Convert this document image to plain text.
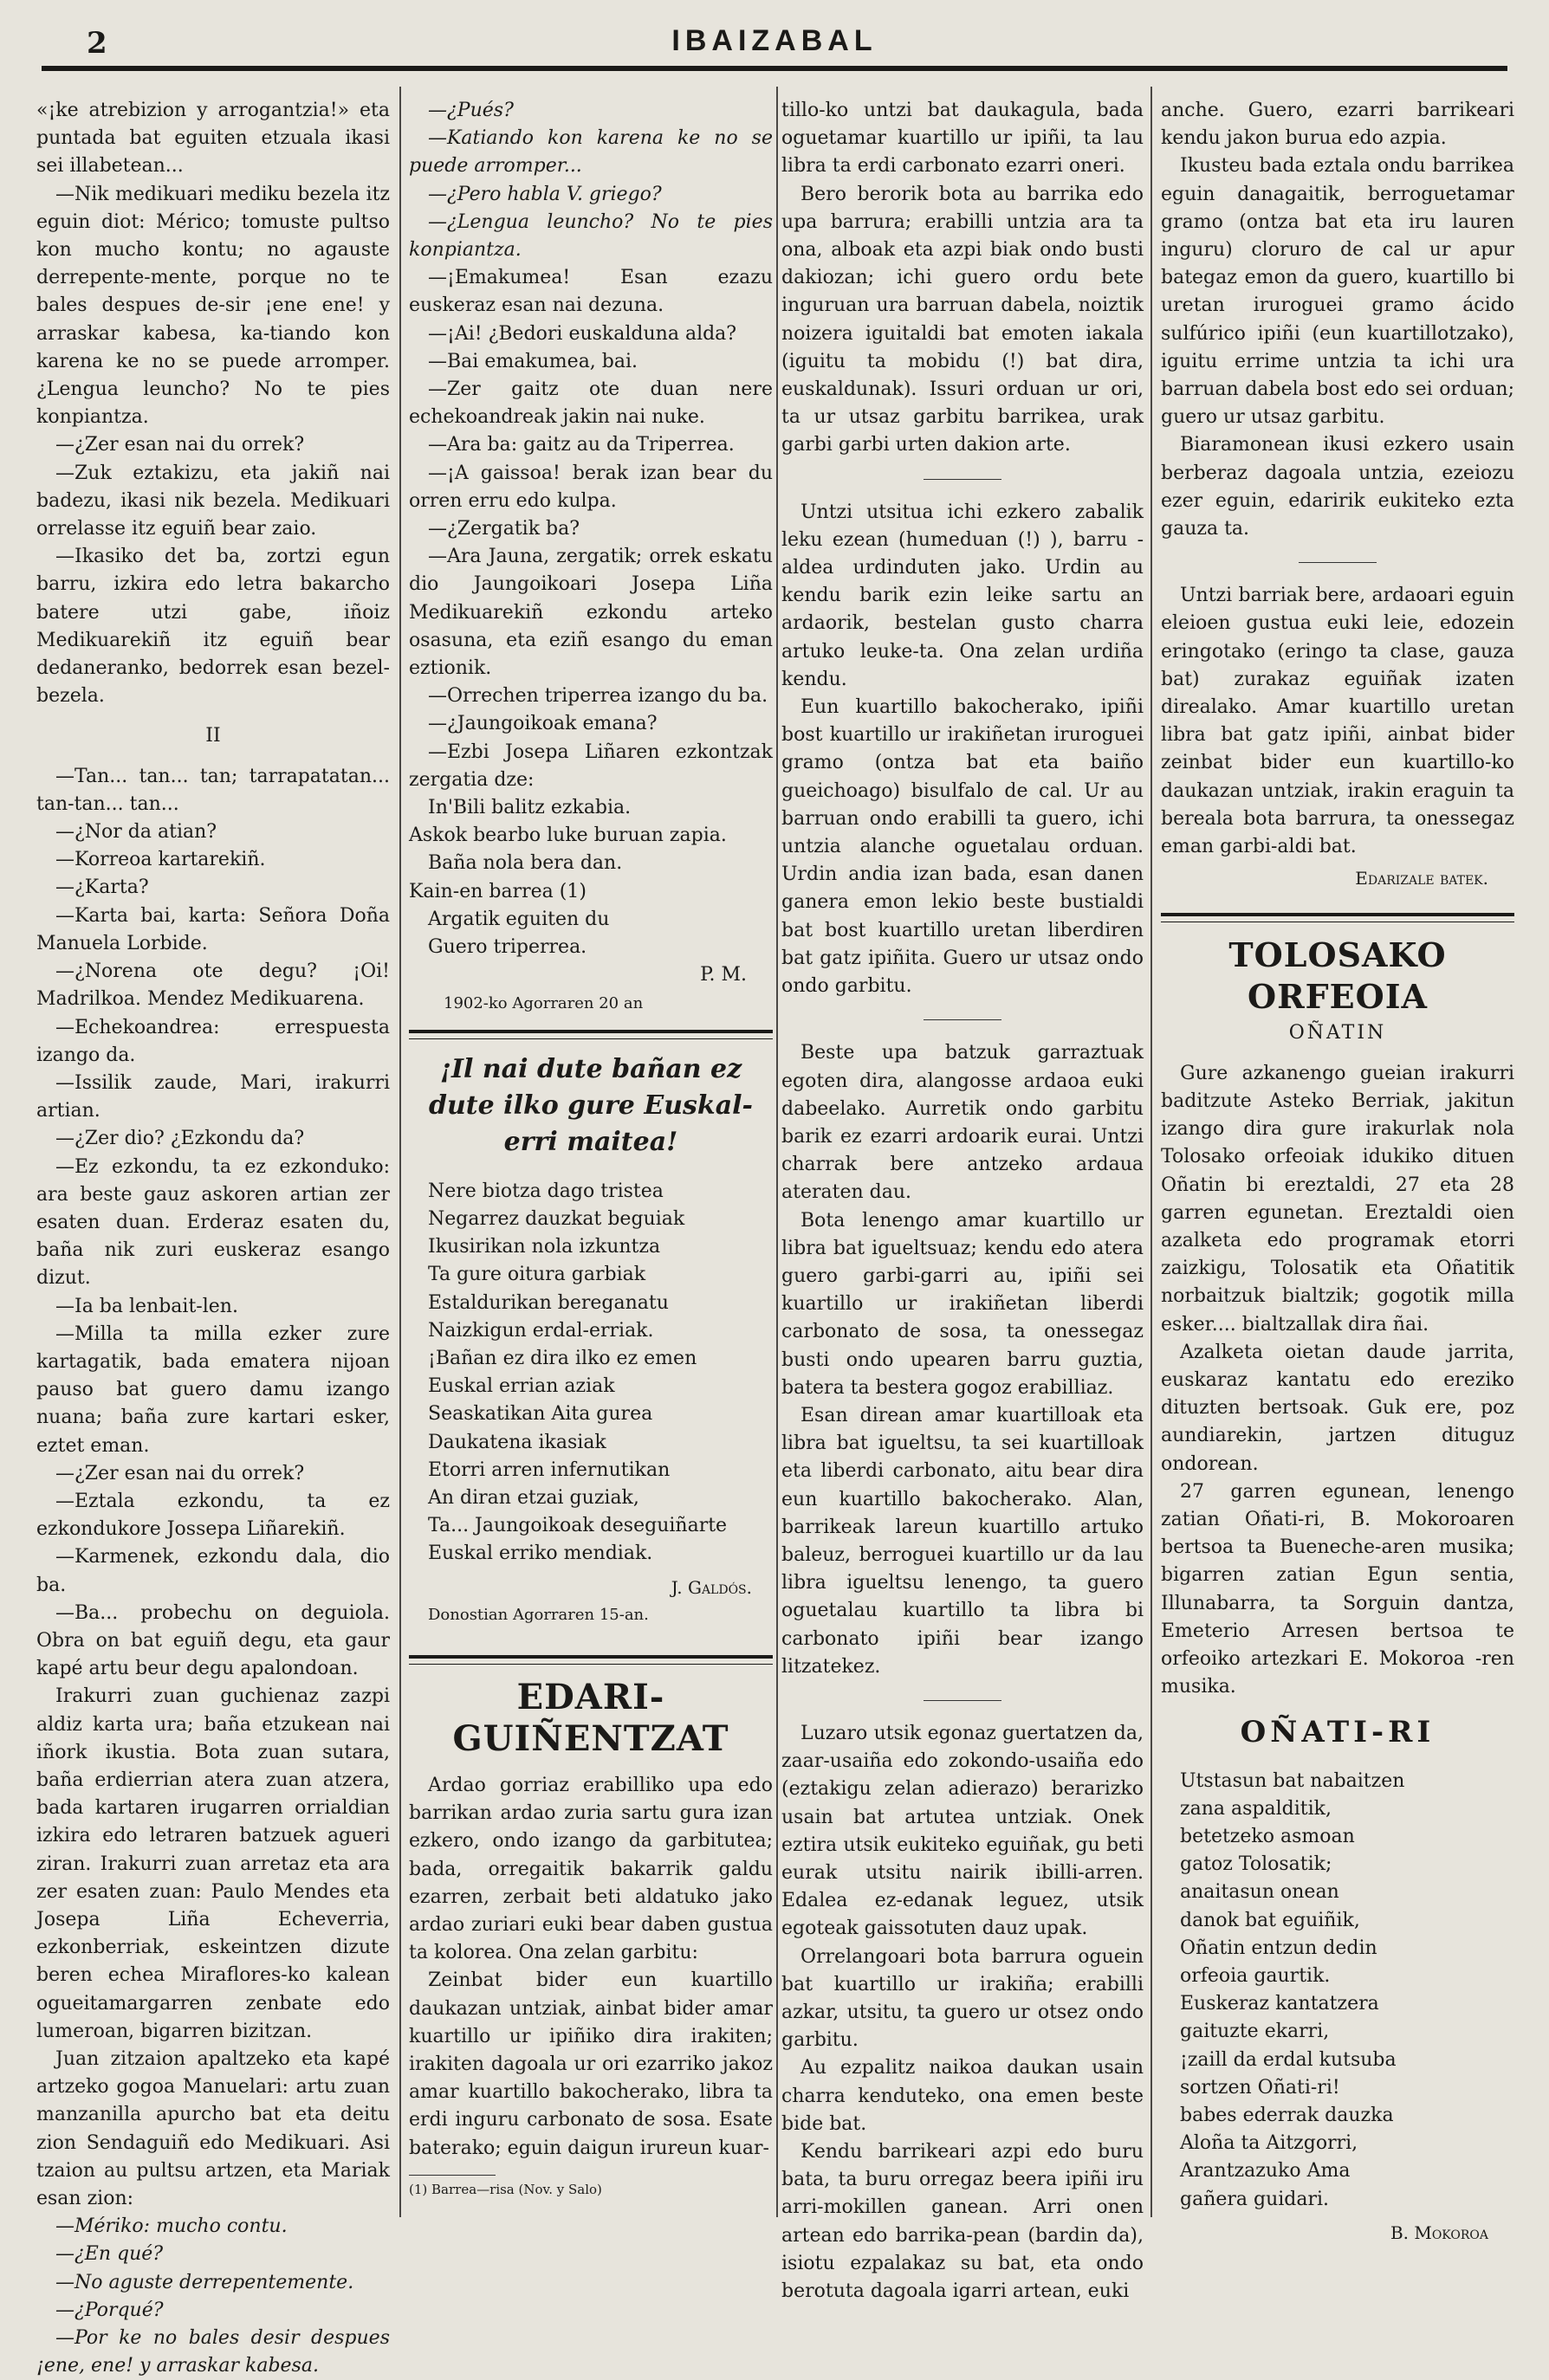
2	IBAIZABAL

«¡ke atrebizion y arrogantzia!» eta puntada bat eguiten etzuala ikasi sei illabetean...

—Nik medikuari mediku bezela itz eguin diot: Mérico; tomuste pultso kon mucho kontu; no agauste derrepente-mente, porque no te bales despues de-sir ¡ene ene! y arraskar kabesa, ka-tiando kon karena ke no se puede arromper. ¿Lengua leuncho? No te pies konpiantza.

—¿Zer esan nai du orrek?

—Zuk eztakizu, eta jakiñ nai badezu, ikasi nik bezela. Medikuari orrelasse itz eguiñ bear zaio.

—Ikasiko det ba, zortzi egun barru, izkira edo letra bakarcho batere utzi gabe, iñoiz Medikuarekiñ itz eguiñ bear dedaneranko, bedorrek esan bezel-bezela.

II

—Tan... tan... tan; tarrapatatan... tan-tan... tan...

—¿Nor da atian?

—Korreoa kartarekiñ.

—¿Karta?

—Karta bai, karta: Señora Doña Manuela Lorbide.

—¿Norena ote degu? ¡Oi! Madrilkoa. Mendez Medikuarena.

—Echekoandrea: errespuesta izango da.

—Issilik zaude, Mari, irakurri artian.

—¿Zer dio? ¿Ezkondu da?

—Ez ezkondu, ta ez ezkonduko: ara beste gauz askoren artian zer esaten duan. Erderaz esaten du, baña nik zuri euskeraz esango dizut.

—Ia ba lenbait-len.

—Milla ta milla ezker zure kartagatik, bada ematera nijoan pauso bat guero damu izango nuana; baña zure kartari esker, eztet eman.

—¿Zer esan nai du orrek?

—Eztala ezkondu, ta ez ezkondukore Jossepa Liñarekiñ.

—Karmenek, ezkondu dala, dio ba.

—Ba... probechu on deguiola. Obra on bat eguiñ degu, eta gaur kapé artu beur degu apalondoan.

Irakurri zuan guchienaz zazpi aldiz karta ura; baña etzukean nai iñork ikustia. Bota zuan sutara, baña erdierrian atera zuan atzera, bada kartaren irugarren orrialdian izkira edo letraren batzuek agueri ziran. Irakurri zuan arretaz eta ara zer esaten zuan: Paulo Mendes eta Josepa Liña Echeverria, ezkonberriak, eskeintzen dizute beren echea Miraflores-ko kalean ogueitamargarren zenbate edo lumeroan, bigarren bizitzan.

Juan zitzaion apaltzeko eta kapé artzeko gogoa Manuelari: artu zuan manzanilla apurcho bat eta deitu zion Sendaguiñ edo Medikuari. Asi tzaion au pultsu artzen, eta Mariak esan zion:

—Mériko: mucho contu.

—¿En qué?

—No aguste derrepentemente.

—¿Porqué?

—Por ke no bales desir despues ¡ene, ene! y arraskar kabesa.

—¿Pués?

—Katiando kon karena ke no se puede arromper...

—¿Pero habla V. griego?

—¿Lengua leuncho? No te pies konpiantza.

—¡Emakumea! Esan ezazu euskeraz esan nai dezuna.

—¡Ai! ¿Bedori euskalduna alda?

—Bai emakumea, bai.

—Zer gaitz ote duan nere echekoandreak jakin nai nuke.

—Ara ba: gaitz au da Triperrea.

—¡A gaissoa! berak izan bear du orren erru edo kulpa.

—¿Zergatik ba?

—Ara Jauna, zergatik; orrek eskatu dio Jaungoikoari Josepa Liña Medikuarekiñ ezkondu arteko osasuna, eta eziñ esango du eman eztionik.

—Orrechen triperrea izango du ba.

—¿Jaungoikoak emana?

—Ezbi Josepa Liñaren ezkontzak zergatia dze:

In'Bili balitz ezkabia.

Askok bearbo luke buruan zapia.

Baña nola bera dan.

Kain-en barrea (1)

Argatik eguiten du

Guero triperrea.

P. M.

1902-ko Agorraren 20 an

¡Il nai dute bañan ez dute ilko gure Euskal-erri maitea!

Nere biotza dago tristea

Negarrez dauzkat beguiak

Ikusirikan nola izkuntza

Ta gure oitura garbiak

Estaldurikan bereganatu

Naizkigun erdal-erriak.

¡Bañan ez dira ilko ez emen

Euskal errian aziak

Seaskatikan Aita gurea

Daukatena ikasiak

Etorri arren infernutikan

An diran etzai guziak,

Ta... Jaungoikoak deseguiñarte

Euskal erriko mendiak.

J. Galdós.

Donostian Agorraren 15-an.

EDARI-GUIÑENTZAT

Ardao gorriaz erabilliko upa edo barrikan ardao zuria sartu gura izan ezkero, ondo izango da garbitutea; bada, orregaitik bakarrik galdu ezarren, zerbait beti aldatuko jako ardao zuriari euki bear daben gustua ta kolorea. Ona zelan garbitu:

Zeinbat bider eun kuartillo daukazan untziak, ainbat bider amar kuartillo ur ipiñiko dira irakiten; irakiten dagoala ur ori ezarriko jakoz amar kuartillo bakocherako, libra ta erdi inguru carbonato de sosa. Esate baterako; eguin daigun irureun kuar-

(1) Barrea—risa (Nov. y Salo)

tillo-ko untzi bat daukagula, bada oguetamar kuartillo ur ipiñi, ta lau libra ta erdi carbonato ezarri oneri.

Bero berorik bota au barrika edo upa barrura; erabilli untzia ara ta ona, alboak eta azpi biak ondo busti dakiozan; ichi guero ordu bete inguruan ura barruan dabela, noiztik noizera iguitaldi bat emoten iakala (iguitu ta mobidu (!) bat dira, euskaldunak). Issuri orduan ur ori, ta ur utsaz garbitu barrikea, urak garbi garbi urten dakion arte.

Untzi utsitua ichi ezkero zabalik leku ezean (humeduan (!) ), barru -aldea urdinduten jako. Urdin au kendu barik ezin leike sartu an ardaorik, bestelan gusto charra artuko leuke-ta. Ona zelan urdiña kendu.

Eun kuartillo bakocherako, ipiñi bost kuartillo ur irakiñetan iruroguei gramo (ontza bat eta baiño gueichoago) bisulfalo de cal. Ur au barruan ondo erabilli ta guero, ichi untzia alanche oguetalau orduan. Urdin andia izan bada, esan danen ganera emon lekio beste bustialdi bat bost kuartillo uretan liberdiren bat gatz ipiñita. Guero ur utsaz ondo ondo garbitu.

Beste upa batzuk garraztuak egoten dira, alangosse ardaoa euki dabeelako. Aurretik ondo garbitu barik ez ezarri ardoarik eurai. Untzi charrak bere antzeko ardaua ateraten dau.

Bota lenengo amar kuartillo ur libra bat igueltsuaz; kendu edo atera guero garbi-garri au, ipiñi sei kuartillo ur irakiñetan liberdi carbonato de sosa, ta onessegaz busti ondo upearen barru guztia, batera ta bestera gogoz erabilliaz.

Esan direan amar kuartilloak eta libra bat igueltsu, ta sei kuartilloak eta liberdi carbonato, aitu bear dira eun kuartillo bakocherako. Alan, barrikeak lareun kuartillo artuko baleuz, berroguei kuartillo ur da lau libra igueltsu lenengo, ta guero oguetalau kuartillo ta libra bi carbonato ipiñi bear izango litzatekez.

Luzaro utsik egonaz guertatzen da, zaar-usaiña edo zokondo-usaiña edo (eztakigu zelan adierazo) berarizko usain bat artutea untziak. Onek eztira utsik eukiteko eguiñak, gu beti eurak utsitu nairik ibilli-arren. Edalea ez-edanak leguez, utsik egoteak gaissotuten dauz upak.

Orrelangoari bota barrura oguein bat kuartillo ur irakiña; erabilli azkar, utsitu, ta guero ur otsez ondo garbitu.

Au ezpalitz naikoa daukan usain charra kenduteko, ona emen beste bide bat.

Kendu barrikeari azpi edo buru bata, ta buru orregaz beera ipiñi iru arri-mokillen ganean. Arri onen artean edo barrika-pean (bardin da), isiotu ezpalakaz su bat, eta ondo berotuta dagoala igarri artean, euki

anche. Guero, ezarri barrikeari kendu jakon burua edo azpia.

Ikusteu bada eztala ondu barrikea eguin danagaitik, berroguetamar gramo (ontza bat eta iru lauren inguru) cloruro de cal ur apur bategaz emon da guero, kuartillo bi uretan iruroguei gramo ácido sulfúrico ipiñi (eun kuartillotzako), iguitu errime untzia ta ichi ura barruan dabela bost edo sei orduan; guero ur utsaz garbitu.

Biaramonean ikusi ezkero usain berberaz dagoala untzia, ezeiozu ezer eguin, edaririk eukiteko ezta gauza ta.

Untzi barriak bere, ardaoari eguin eleioen gustua euki leie, edozein eringotako (eringo ta clase, gauza bat) zurakaz eguiñak izaten direalako. Amar kuartillo uretan libra bat gatz ipiñi, ainbat bider zeinbat bider eun kuartillo-ko daukazan untziak, irakin eraguin ta bereala bota barrura, ta onessegaz eman garbi-aldi bat.

Edarizale batek.

TOLOSAKO ORFEOIA
OÑATIN

Gure azkanengo gueian irakurri baditzute Asteko Berriak, jakitun izango dira gure irakurlak nola Tolosako orfeoiak idukiko dituen Oñatin bi ereztaldi, 27 eta 28 garren egunetan. Ereztaldi oien azalketa edo programak etorri zaizkigu, Tolosatik eta Oñatitik norbaitzuk bialtzik; gogotik milla esker.... bialtzallak dira ñai.

Azalketa oietan daude jarrita, euskaraz kantatu edo ereziko dituzten bertsoak. Guk ere, poz aundiarekin, jartzen dituguz ondorean.

27 garren egunean, lenengo zatian Oñati-ri, B. Mokoroaren bertsoa ta Bueneche-aren musika; bigarren zatian Egun sentia, Illunabarra, ta Sorguin dantza, Emeterio Arresen bertsoa te orfeoiko artezkari E. Mokoroa -ren musika.

OÑATI-RI

Utstasun bat nabaitzen

zana aspalditik,

betetzeko asmoan

gatoz Tolosatik;

anaitasun onean

danok bat eguiñik,

Oñatin entzun dedin

orfeoia gaurtik.

Euskeraz kantatzera

gaituzte ekarri,

¡zaill da erdal kutsuba

sortzen Oñati-ri!

babes ederrak dauzka

Aloña ta Aitzgorri,

Arantzazuko Ama

gañera guidari.

B. Mokoroa
